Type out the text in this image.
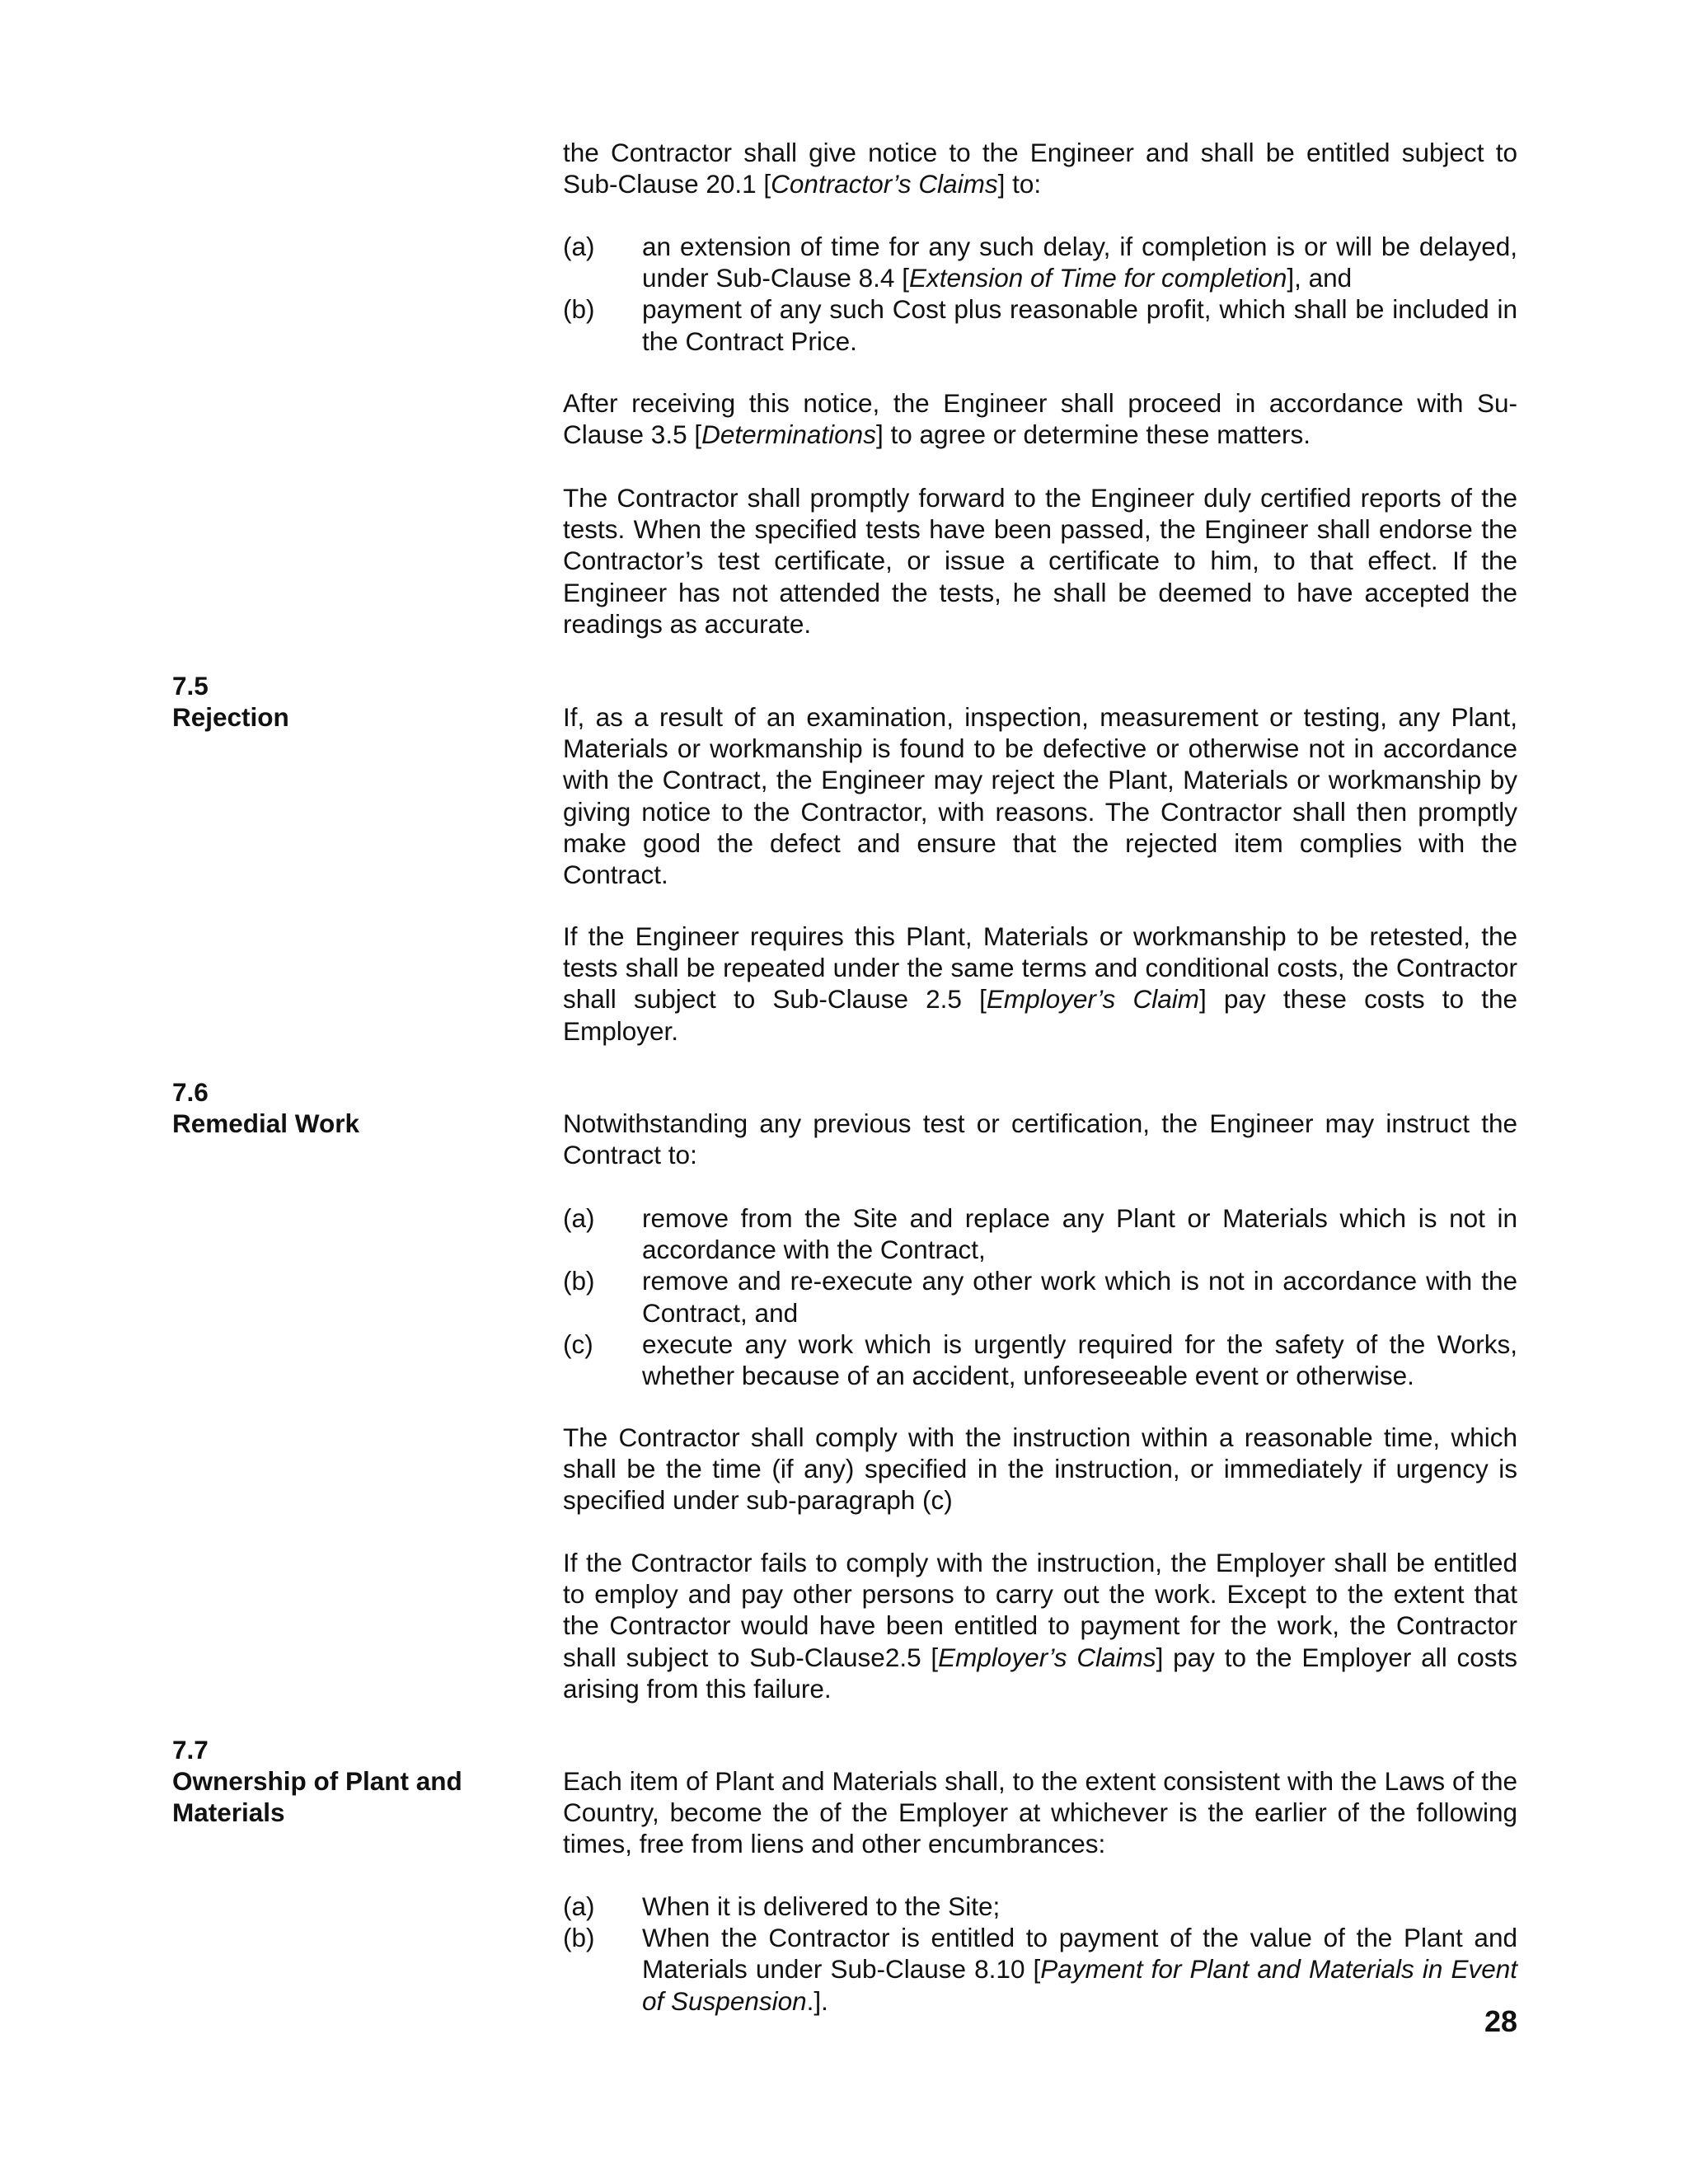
the Contractor shall give notice to the Engineer and shall be entitled subject to Sub-Clause 20.1 [Contractor’s Claims] to:

(a)	an extension of time for any such delay, if completion is or will be delayed, under Sub-Clause 8.4 [Extension of Time for completion], and
(b)	payment of any such Cost plus reasonable profit, which shall be included in the Contract Price.

After receiving this notice, the Engineer shall proceed in accordance with Su-Clause 3.5 [Determinations] to agree or determine these matters.

The Contractor shall promptly forward to the Engineer duly certified reports of the tests. When the specified tests have been passed, the Engineer shall endorse the Contractor’s test certificate, or issue a certificate to him, to that effect. If the Engineer has not attended the tests, he shall be deemed to have accepted the readings as accurate.

7.5

Rejection	If, as a result of an examination, inspection, measurement or testing, any Plant, Materials or workmanship is found to be defective or otherwise not in accordance with the Contract, the Engineer may reject the Plant, Materials or workmanship by giving notice to the Contractor, with reasons. The Contractor shall then promptly make good the defect and ensure that the rejected item complies with the Contract.

If the Engineer requires this Plant, Materials or workmanship to be retested, the tests shall be repeated under the same terms and conditional costs, the Contractor shall subject to Sub-Clause 2.5 [Employer’s Claim] pay these costs to the Employer.

7.6

Remedial Work	Notwithstanding any previous test or certification, the Engineer may instruct the Contract to:

(a)	remove from the Site and replace any Plant or Materials which is not in accordance with the Contract,
(b)	remove and re-execute any other work which is not in accordance with the Contract, and
(c)	execute any work which is urgently required for the safety of the Works, whether because of an accident, unforeseeable event or otherwise.

The Contractor shall comply with the instruction within a reasonable time, which shall be the time (if any) specified in the instruction, or immediately if urgency is specified under sub-paragraph (c)

If the Contractor fails to comply with the instruction, the Employer shall be entitled to employ and pay other persons to carry out the work. Except to the extent that the Contractor would have been entitled to payment for the work, the Contractor shall subject to Sub-Clause2.5 [Employer’s Claims] pay to the Employer all costs arising from this failure.

7.7

Ownership of Plant and
Materials

Each item of Plant and Materials shall, to the extent consistent with the Laws of the Country, become the of the Employer at whichever is the earlier of the following times, free from liens and other encumbrances:

(a)	When it is delivered to the Site;
(b)	When the Contractor is entitled to payment of the value of the Plant and Materials under Sub-Clause 8.10 [Payment for Plant and Materials in Event of Suspension.].
28
